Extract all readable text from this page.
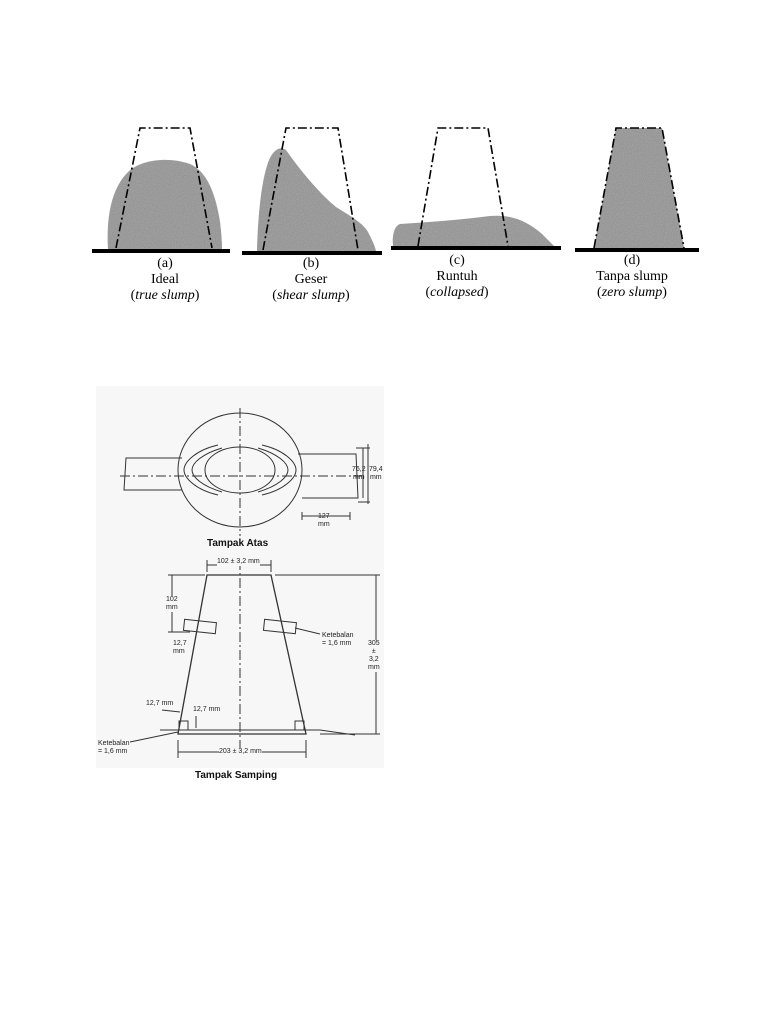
(a)
Ideal
(true slump)
(b)
Geser
(shear slump)
(c)
Runtuh
(collapsed)
(d)
Tanpa slump
(zero slump)
76,2
mm
79,4
mm
127
mm
Tampak Atas
102 ± 3,2 mm
102
mm
12,7
mm
Ketebalan
= 1,6 mm	305
±
3,2
mm
12,7 mm
12,7 mm
Ketebalan
= 1,6 mm	203 ± 3,2 mm
Tampak Samping
